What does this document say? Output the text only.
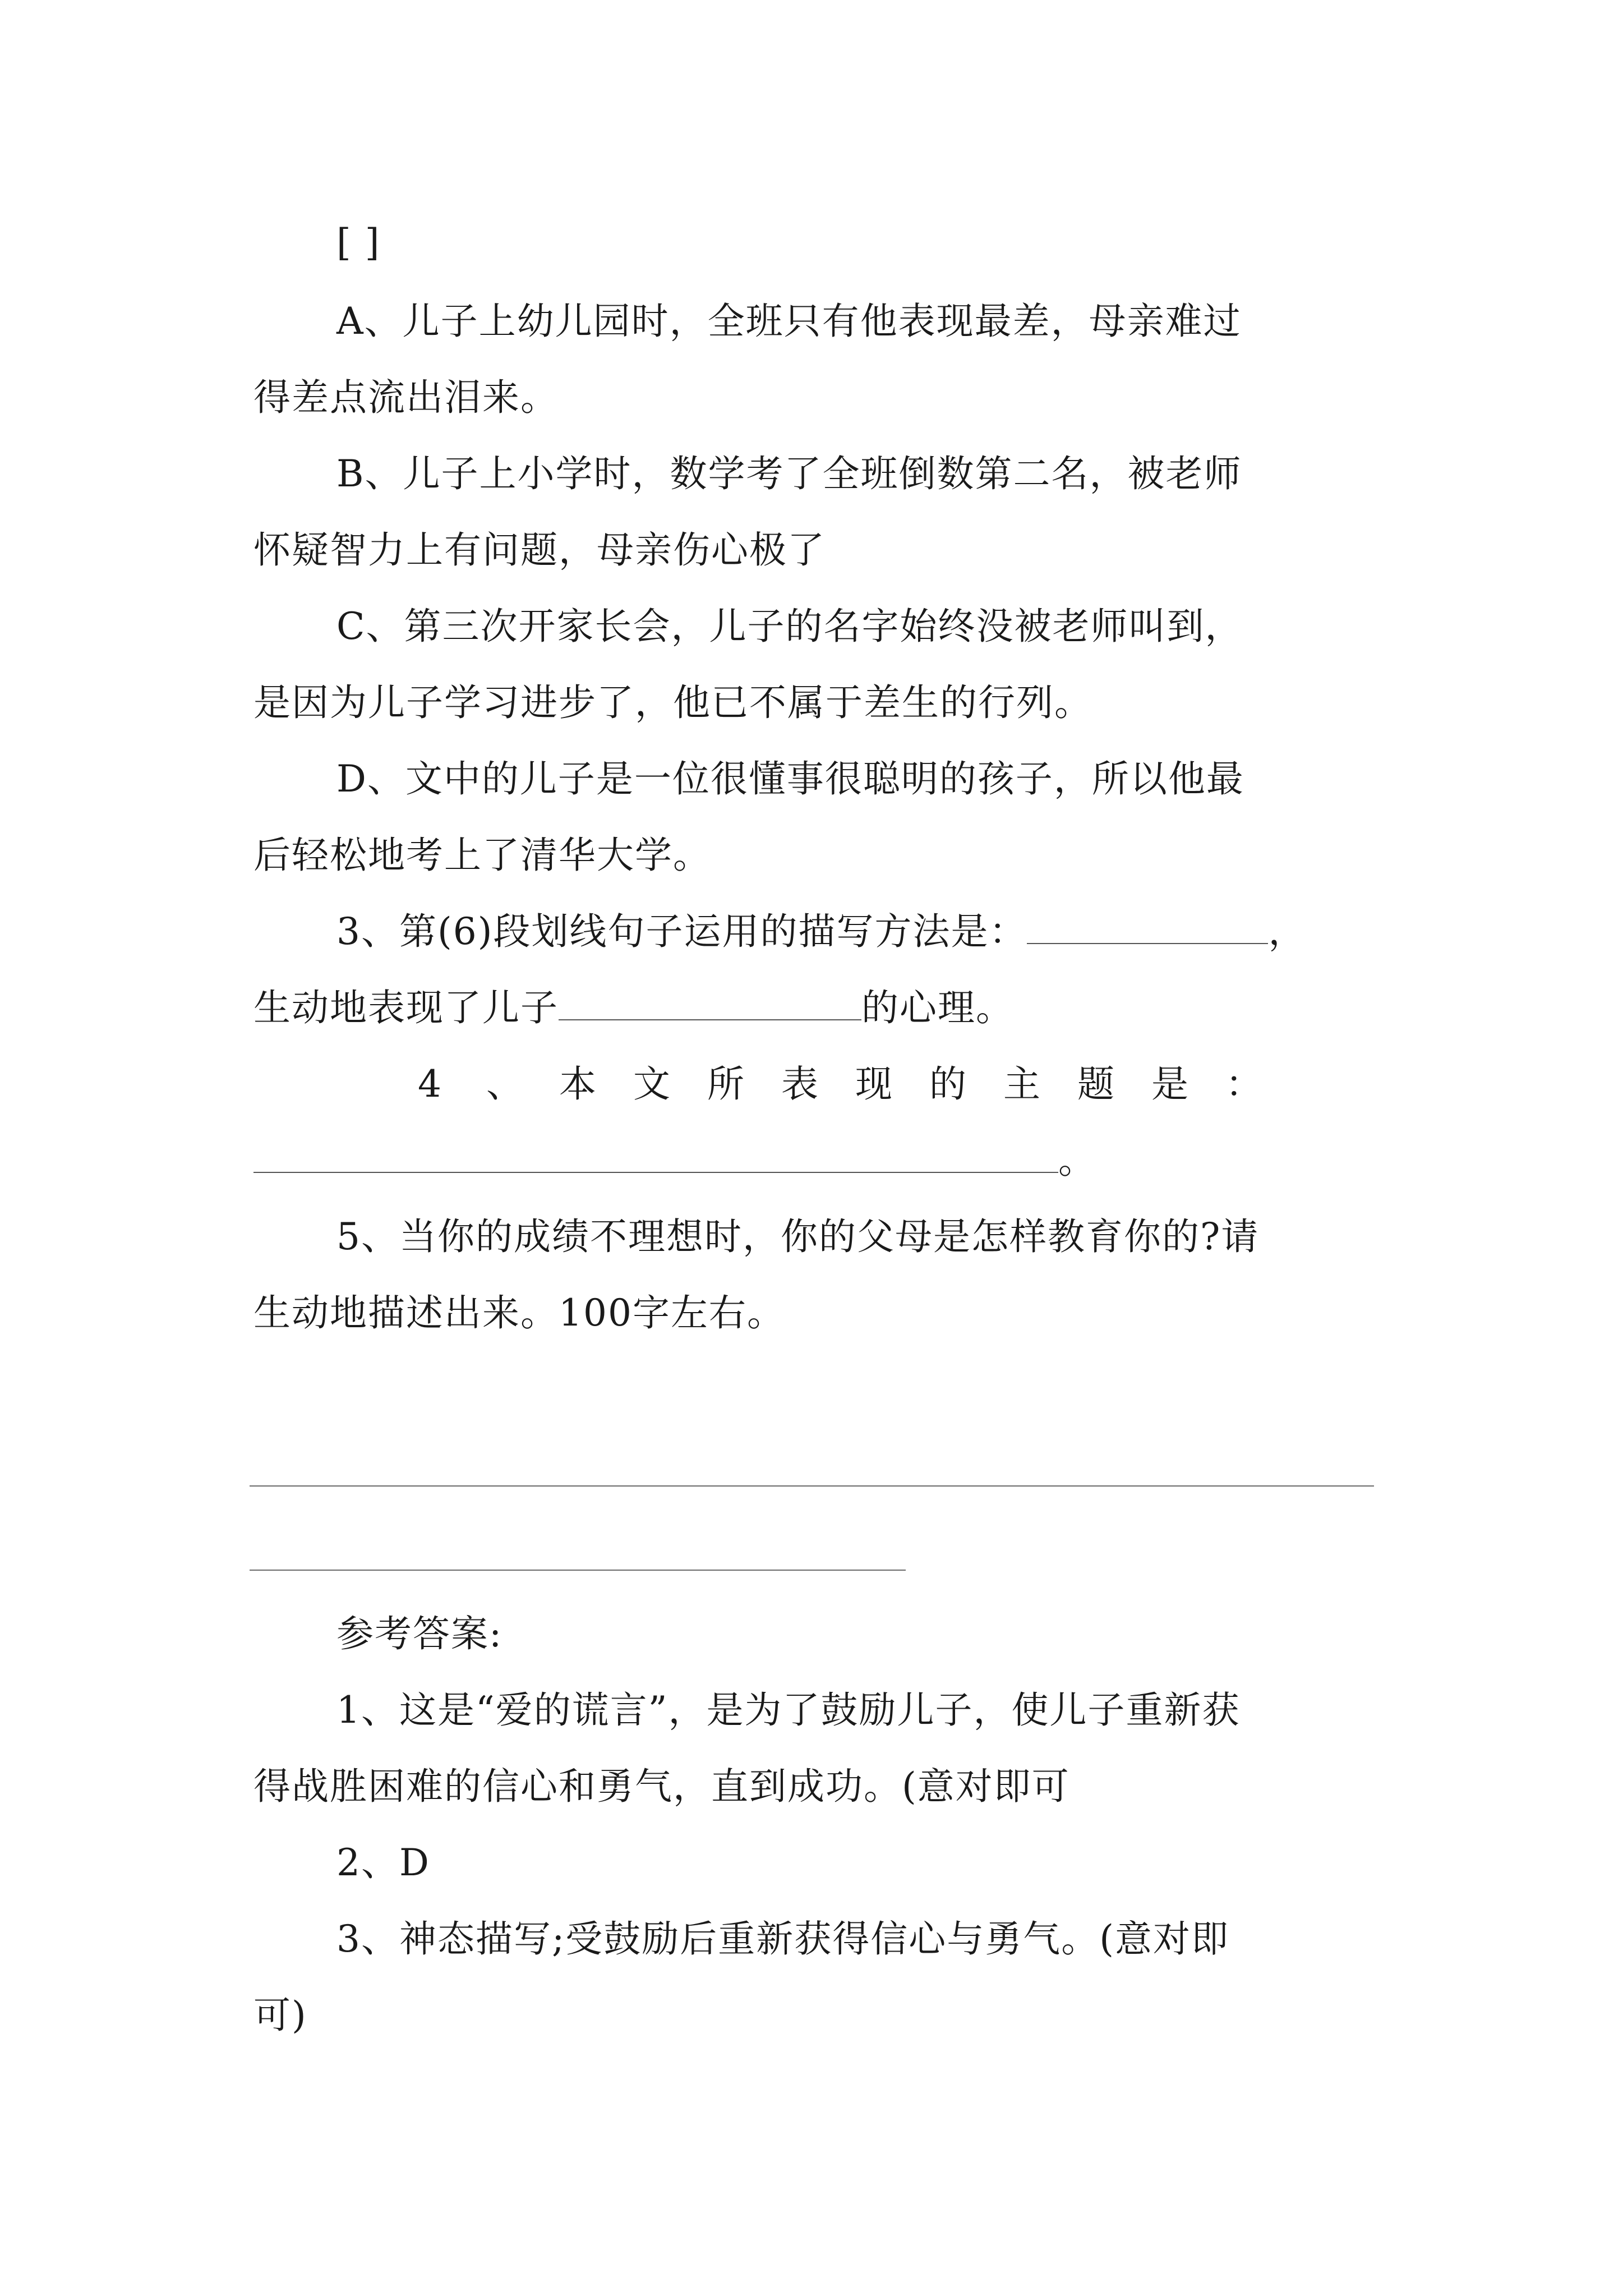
[ ]
A、儿子上幼儿园时，全班只有他表现最差，母亲难过
得差点流出泪来。
B、儿子上小学时，数学考了全班倒数第二名，被老师
怀疑智力上有问题，母亲伤心极了
C、第三次开家长会，儿子的名字始终没被老师叫到，
是因为儿子学习进步了，他已不属于差生的行列。
D、文中的儿子是一位很懂事很聪明的孩子，所以他最
后轻松地考上了清华大学。
3、第(6)段划线句子运用的描写方法是：	，
生动地表现了儿子	的心理。
4 、 本 文 所 表 现 的 主 题 是 ：
。
5、当你的成绩不理想时，你的父母是怎样教育你的?请
生动地描述出来。100字左右。
参考答案:
1、这是“爱的谎言”，是为了鼓励儿子，使儿子重新获
得战胜困难的信心和勇气，直到成功。(意对即可
2、D
3、神态描写;受鼓励后重新获得信心与勇气。(意对即
可)
